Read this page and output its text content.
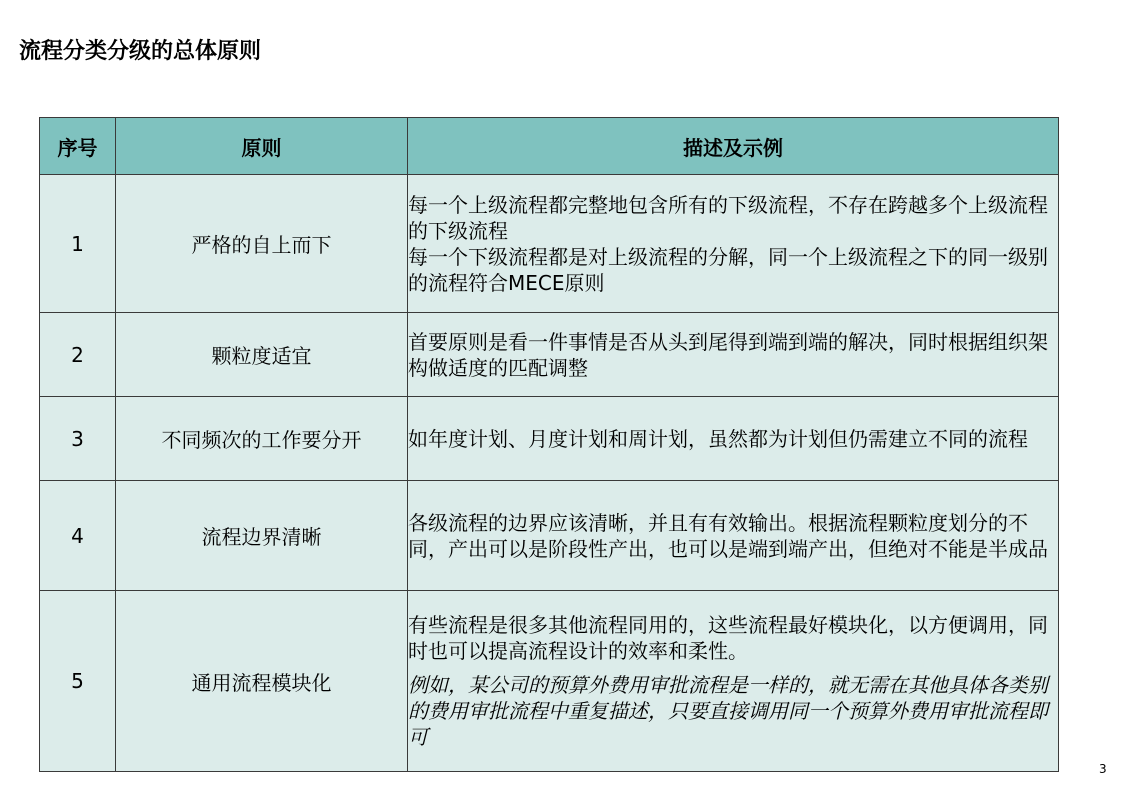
流程分类分级的总体原则
序号	原则	描述及示例
1	严格的自上而下	每一个上级流程都完整地包含所有的下级流程，不存在跨越多个上级流程的下级流程
每一个下级流程都是对上级流程的分解，同一个上级流程之下的同一级别的流程符合MECE原则

2	颗粒度适宜	首要原则是看一件事情是否从头到尾得到端到端的解决，同时根据组织架构做适度的匹配调整

3	不同频次的工作要分开	如年度计划、月度计划和周计划，虽然都为计划但仍需建立不同的流程

4	流程边界清晰	各级流程的边界应该清晰，并且有有效输出。根据流程颗粒度划分的不同，产出可以是阶段性产出，也可以是端到端产出，但绝对不能是半成品

5	通用流程模块化	有些流程是很多其他流程同用的，这些流程最好模块化，以方便调用，同时也可以提高流程设计的效率和柔性。
例如，某公司的预算外费用审批流程是一样的，就无需在其他具体各类别的费用审批流程中重复描述，只要直接调用同一个预算外费用审批流程即可
3
